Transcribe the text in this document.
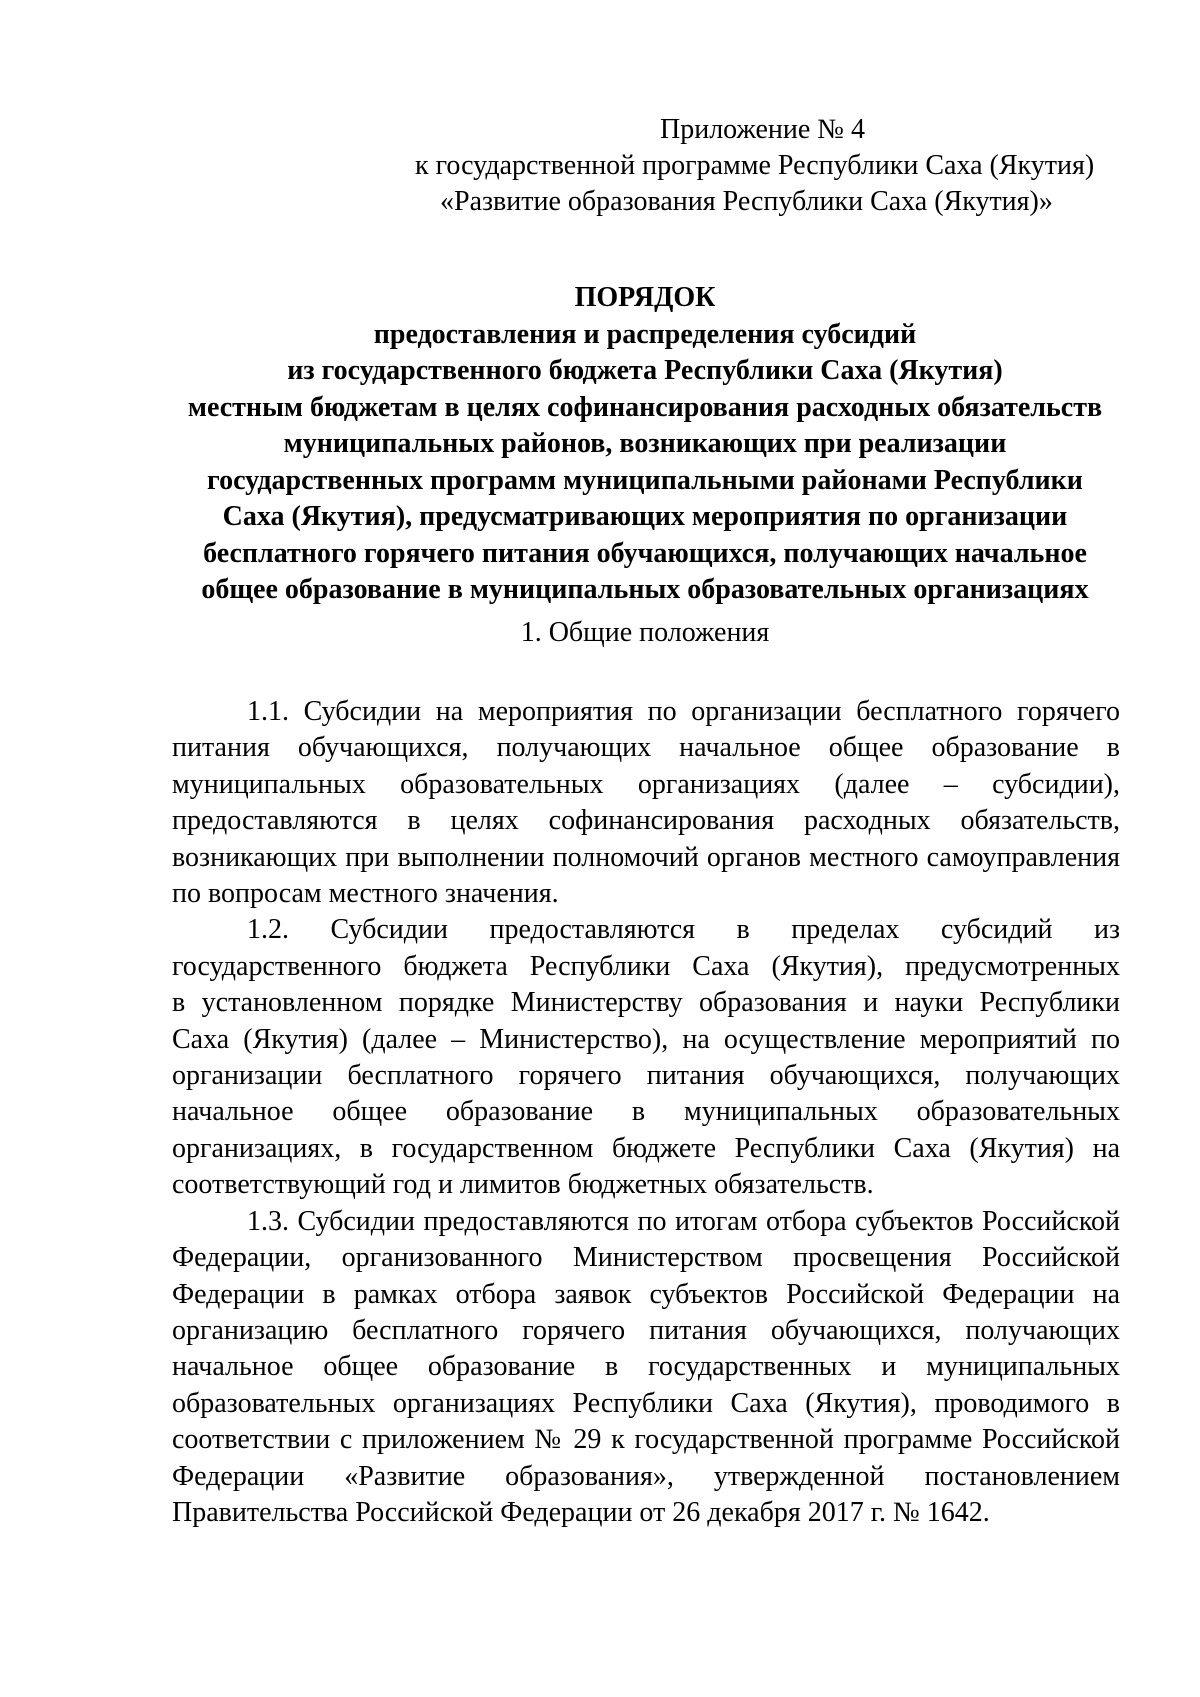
Приложение № 4
к государственной программе Республики Саха (Якутия)
«Развитие образования Республики Саха (Якутия)»
ПОРЯДОК
предоставления и распределения субсидий
из государственного бюджета Республики Саха (Якутия)
местным бюджетам в целях софинансирования расходных обязательств
муниципальных районов, возникающих при реализации
государственных программ муниципальными районами Республики
Саха (Якутия), предусматривающих мероприятия по организации
бесплатного горячего питания обучающихся, получающих начальное
общее образование в муниципальных образовательных организациях
1. Общие положения
1.1. Субсидии на мероприятия по организации бесплатного горячего
питания обучающихся, получающих начальное общее образование в
муниципальных образовательных организациях (далее – субсидии),
предоставляются в целях софинансирования расходных обязательств,
возникающих при выполнении полномочий органов местного самоуправления
по вопросам местного значения.
1.2. Субсидии предоставляются в пределах субсидий из
государственного бюджета Республики Саха (Якутия), предусмотренных
в установленном порядке Министерству образования и науки Республики
Саха (Якутия) (далее – Министерство), на осуществление мероприятий по
организации бесплатного горячего питания обучающихся, получающих
начальное общее образование в муниципальных образовательных
организациях, в государственном бюджете Республики Саха (Якутия) на
соответствующий год и лимитов бюджетных обязательств.
1.3. Субсидии предоставляются по итогам отбора субъектов Российской
Федерации, организованного Министерством просвещения Российской
Федерации в рамках отбора заявок субъектов Российской Федерации на
организацию бесплатного горячего питания обучающихся, получающих
начальное общее образование в государственных и муниципальных
образовательных организациях Республики Саха (Якутия), проводимого в
соответствии с приложением № 29 к государственной программе Российской
Федерации «Развитие образования», утвержденной постановлением
Правительства Российской Федерации от 26 декабря 2017 г. № 1642.
